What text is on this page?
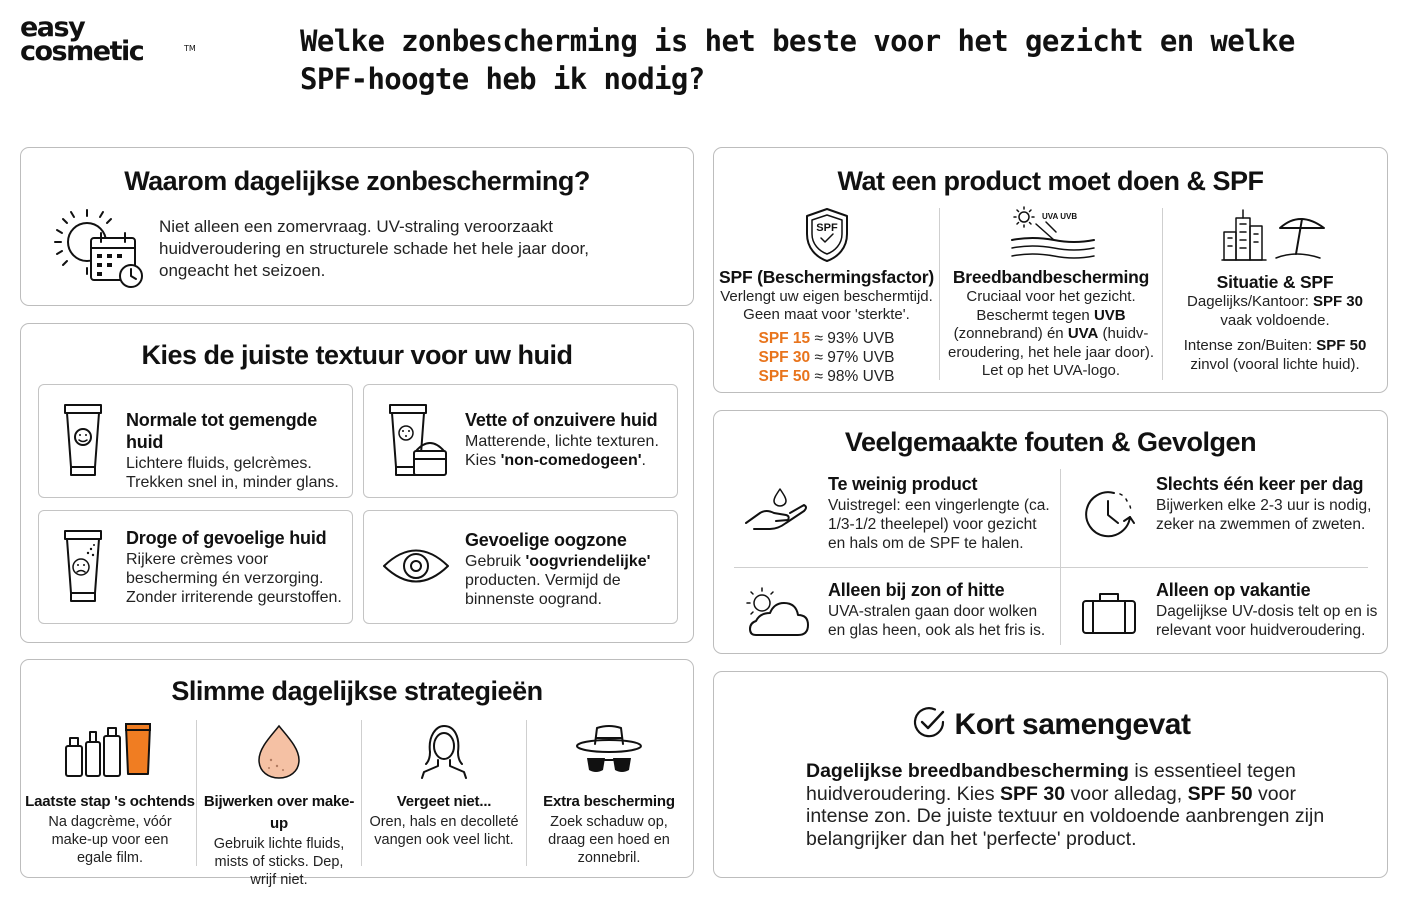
easy
cosmetic	TM	Welke zonbescherming is het beste voor het gezicht en welke SPF-hoogte heb ik nodig?
Waarom dagelijkse zonbescherming?

Niet alleen een zomervraag. UV-straling veroorzaakt huidveroudering en structurele schade het hele jaar door, ongeacht het seizoen.

Kies de juiste textuur voor uw huid
Normale tot gemengde huid

Lichtere fluids, gelcrèmes. Trekken snel in, minder glans.

Vette of onzuivere huid

Matterende, lichte texturen. Kies 'non-comedogeen'.

Droge of gevoelige huid

Rijkere crèmes voor bescherming én verzorging. Zonder irriterende geurstoffen.

Gevoelige oogzone

Gebruik 'oogvriendelijke' producten. Vermijd de binnenste oogrand.

Slimme dagelijkse strategieën
Laatste stap 's ochtends

Na dagcrème, vóór make-up voor een egale film.

Bijwerken over make-up

Gebruik lichte fluids, mists of sticks. Dep, wrijf niet.

Vergeet niet...

Oren, hals en decolleté vangen ook veel licht.

Extra bescherming

Zoek schaduw op, draag een hoed en zonnebril.

Wat een product moet doen & SPF
SPF
SPF (Beschermingsfactor)

Verlengt uw eigen beschermtijd. Geen maat voor 'sterkte'.

SPF 15 ≈ 93% UVB
SPF 30 ≈ 97% UVB
SPF 50 ≈ 98% UVB
UVA UVB
Breedbandbescherming
Cruciaal voor het gezicht.
Beschermt tegen UVB
(zonnebrand) én UVA (huidv-
eroudering, het hele jaar door).
Let op het UVA-logo.
Situatie & SPF
Dagelijks/Kantoor: SPF 30
vaak voldoende.
Intense zon/Buiten: SPF 50
zinvol (vooral lichte huid).
Veelgemaakte fouten & Gevolgen
Te weinig product

Vuistregel: een vingerlengte (ca. 1/3-1/2 theelepel) voor gezicht en hals om de SPF te halen.

Slechts één keer per dag

Bijwerken elke 2-3 uur is nodig, zeker na zwemmen of zweten.

Alleen bij zon of hitte

UVA-stralen gaan door wolken en glas heen, ook als het fris is.

Alleen op vakantie

Dagelijkse UV-dosis telt op en is relevant voor huidveroudering.

Kort samengevat

Dagelijkse breedbandbescherming is essentieel tegen huidveroudering. Kies SPF 30 voor alledag, SPF 50 voor intense zon. De juiste textuur en voldoende aanbrengen zijn belangrijker dan het 'perfecte' product.
